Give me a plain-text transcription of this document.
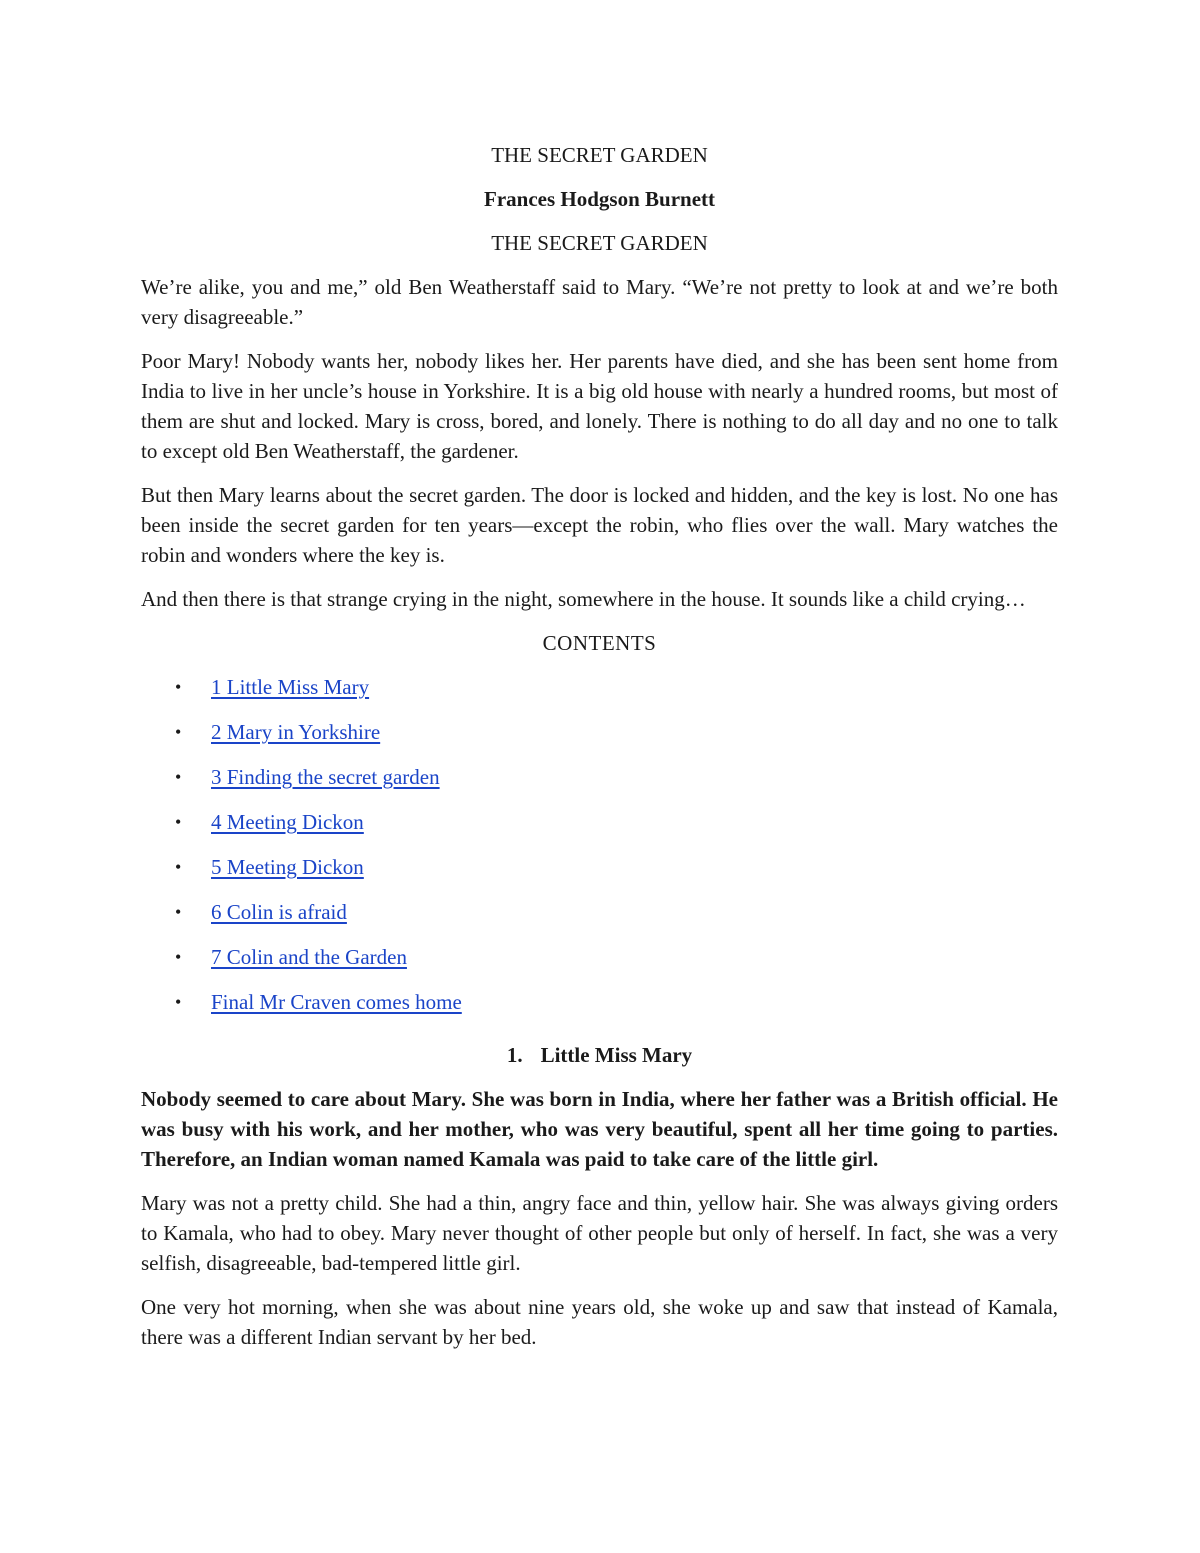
THE SECRET GARDEN
Frances Hodgson Burnett
THE SECRET GARDEN

We’re alike, you and me,” old Ben Weatherstaff said to Mary. “We’re not pretty to look at and we’re both very disagreeable.”

Poor Mary! Nobody wants her, nobody likes her. Her parents have died, and she has been sent home from India to live in her uncle’s house in Yorkshire. It is a big old house with nearly a hundred rooms, but most of them are shut and locked. Mary is cross, bored, and lonely. There is nothing to do all day and no one to talk to except old Ben Weatherstaff, the gardener.

But then Mary learns about the secret garden. The door is locked and hidden, and the key is lost. No one has been inside the secret garden for ten years—except the robin, who flies over the wall. Mary watches the robin and wonders where the key is.

And then there is that strange crying in the night, somewhere in the house. It sounds like a child crying…

CONTENTS
• 1 Little Miss Mary
• 2 Mary in Yorkshire
• 3 Finding the secret garden
• 4 Meeting Dickon
• 5 Meeting Dickon
• 6 Colin is afraid
• 7 Colin and the Garden
• Final Mr Craven comes home
1. Little Miss Mary

Nobody seemed to care about Mary. She was born in India, where her father was a British official. He was busy with his work, and her mother, who was very beautiful, spent all her time going to parties. Therefore, an Indian woman named Kamala was paid to take care of the little girl.

Mary was not a pretty child. She had a thin, angry face and thin, yellow hair. She was always giving orders to Kamala, who had to obey. Mary never thought of other people but only of herself. In fact, she was a very selfish, disagreeable, bad-tempered little girl.

One very hot morning, when she was about nine years old, she woke up and saw that instead of Kamala, there was a different Indian servant by her bed.
